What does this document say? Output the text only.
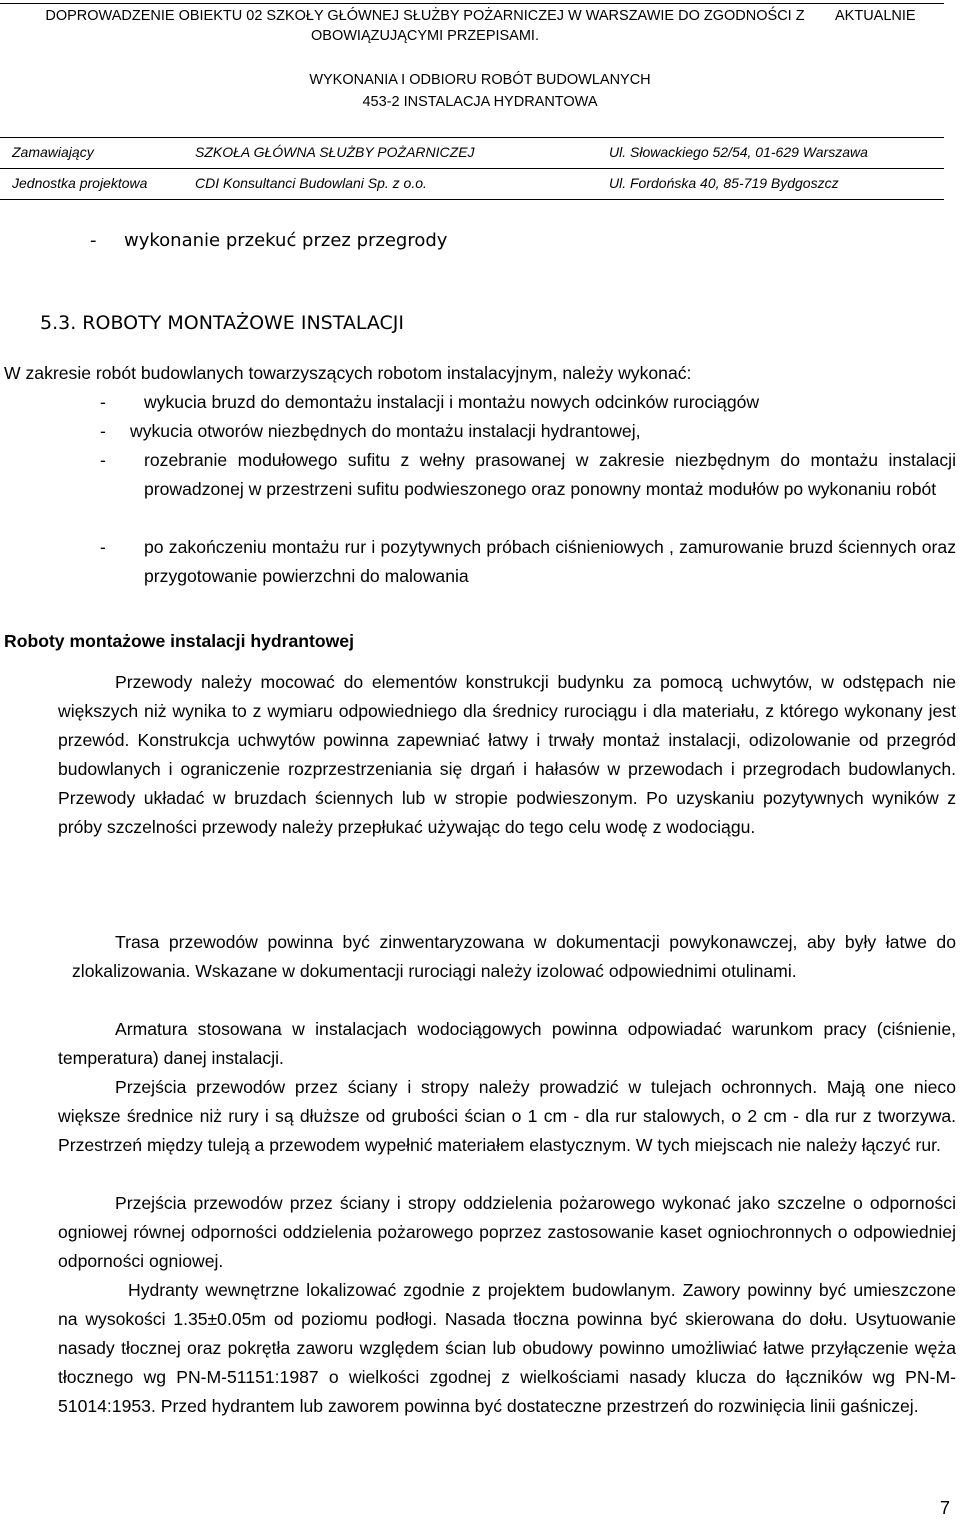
DOPROWADZENIE OBIEKTU 02 SZKOŁY GŁÓWNEJ SŁUŻBY POŻARNICZEJ W WARSZAWIE DO ZGODNOŚCI Z OBOWIĄZUJĄCYMI PRZEPISAMI.
AKTUALNIE
WYKONANIA I ODBIORU ROBÓT BUDOWLANYCH
453-2 INSTALACJA HYDRANTOWA
Zamawiający	SZKOŁA GŁÓWNA SŁUŻBY POŻARNICZEJ	Ul. Słowackiego 52/54, 01-629 Warszawa
Jednostka projektowa	CDI Konsultanci Budowlani Sp. z o.o.	Ul. Fordońska 40, 85-719 Bydgoszcz
- wykonanie przekuć przez przegrody
5.3. ROBOTY MONTAŻOWE INSTALACJI
W zakresie robót budowlanych towarzyszących robotom instalacyjnym, należy wykonać:
- wykucia bruzd do demontażu instalacji i montażu nowych odcinków rurociągów
- wykucia otworów niezbędnych do montażu instalacji hydrantowej,
- rozebranie modułowego sufitu z wełny prasowanej w zakresie niezbędnym do montażu instalacji prowadzonej w przestrzeni sufitu podwieszonego oraz ponowny montaż modułów po wykonaniu robót
- po zakończeniu montażu rur i pozytywnych próbach ciśnieniowych , zamurowanie bruzd ściennych oraz przygotowanie powierzchni do malowania
Roboty montażowe instalacji hydrantowej
Przewody należy mocować do elementów konstrukcji budynku za pomocą uchwytów, w odstępach nie większych niż wynika to z wymiaru odpowiedniego dla średnicy rurociągu i dla materiału, z którego wykonany jest przewód. Konstrukcja uchwytów powinna zapewniać łatwy i trwały montaż instalacji, odizolowanie od przegród budowlanych i ograniczenie rozprzestrzeniania się drgań i hałasów w przewodach i przegrodach budowlanych. Przewody układać w bruzdach ściennych lub w stropie podwieszonym. Po uzyskaniu pozytywnych wyników z próby szczelności przewody należy przepłukać używając do tego celu wodę z wodociągu.
Trasa przewodów powinna być zinwentaryzowana w dokumentacji powykonawczej, aby były łatwe do zlokalizowania. Wskazane w dokumentacji rurociągi należy izolować odpowiednimi otulinami.
Armatura stosowana w instalacjach wodociągowych powinna odpowiadać warunkom pracy (ciśnienie, temperatura) danej instalacji.
Przejścia przewodów przez ściany i stropy należy prowadzić w tulejach ochronnych. Mają one nieco większe średnice niż rury i są dłuższe od grubości ścian o 1 cm - dla rur stalowych, o 2 cm - dla rur z tworzywa. Przestrzeń między tuleją a przewodem wypełnić materiałem elastycznym. W tych miejscach nie należy łączyć rur.
Przejścia przewodów przez ściany i stropy oddzielenia pożarowego wykonać jako szczelne o odporności ogniowej równej odporności oddzielenia pożarowego poprzez zastosowanie kaset ogniochronnych o odpowiedniej odporności ogniowej.
Hydranty wewnętrzne lokalizować zgodnie z projektem budowlanym. Zawory powinny być umieszczone na wysokości 1.35±0.05m od poziomu podłogi. Nasada tłoczna powinna być skierowana do dołu. Usytuowanie nasady tłocznej oraz pokrętła zaworu względem ścian lub obudowy powinno umożliwiać łatwe przyłączenie węża tłocznego wg PN-M-51151:1987 o wielkości zgodnej z wielkościami nasady klucza do łączników wg PN-M-51014:1953. Przed hydrantem lub zaworem powinna być dostateczne przestrzeń do rozwinięcia linii gaśniczej.
7
